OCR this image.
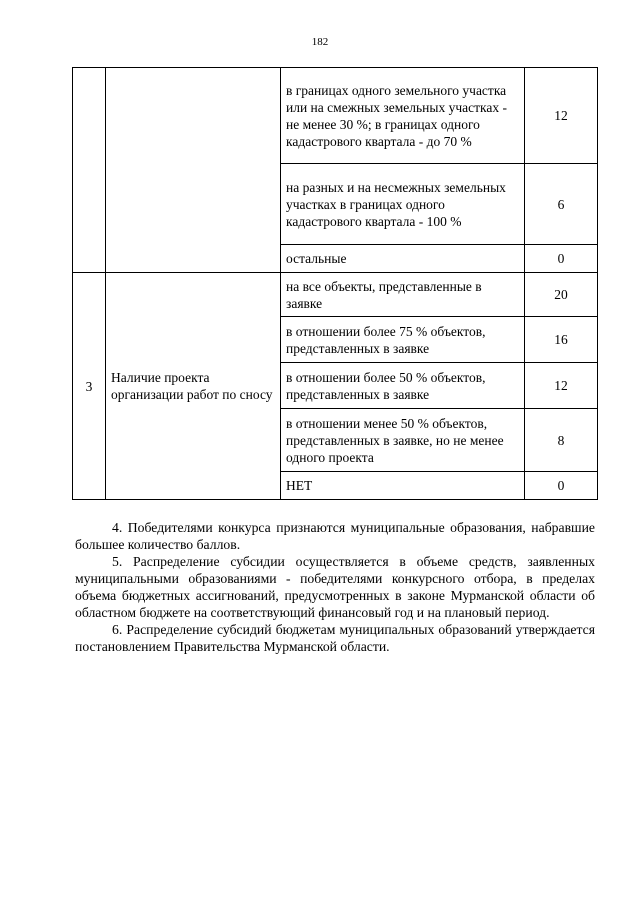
182
		в границах одного земельного участка или на смежных земельных участках - не менее 30 %; в границах одного кадастрового квартала - до 70 %	12
		на разных и на несмежных земельных участках в границах одного кадастрового квартала - 100 %	6
		остальные	0
3	Наличие проекта организации работ по сносу	на все объекты, представленные в заявке	20
		в отношении более 75 % объектов, представленных в заявке	16
		в отношении более 50 % объектов, представленных в заявке	12
		в отношении менее 50 % объектов, представленных в заявке, но не менее одного проекта	8
		НЕТ	0

4. Победителями конкурса признаются муниципальные образования, набравшие большее количество баллов.

5. Распределение субсидии осуществляется в объеме средств, заявленных муниципальными образованиями - победителями конкурсного отбора, в пределах объема бюджетных ассигнований, предусмотренных в законе Мурманской области об областном бюджете на соответствующий финансовый год и на плановый период.

6. Распределение субсидий бюджетам муниципальных образований утверждается постановлением Правительства Мурманской области.
